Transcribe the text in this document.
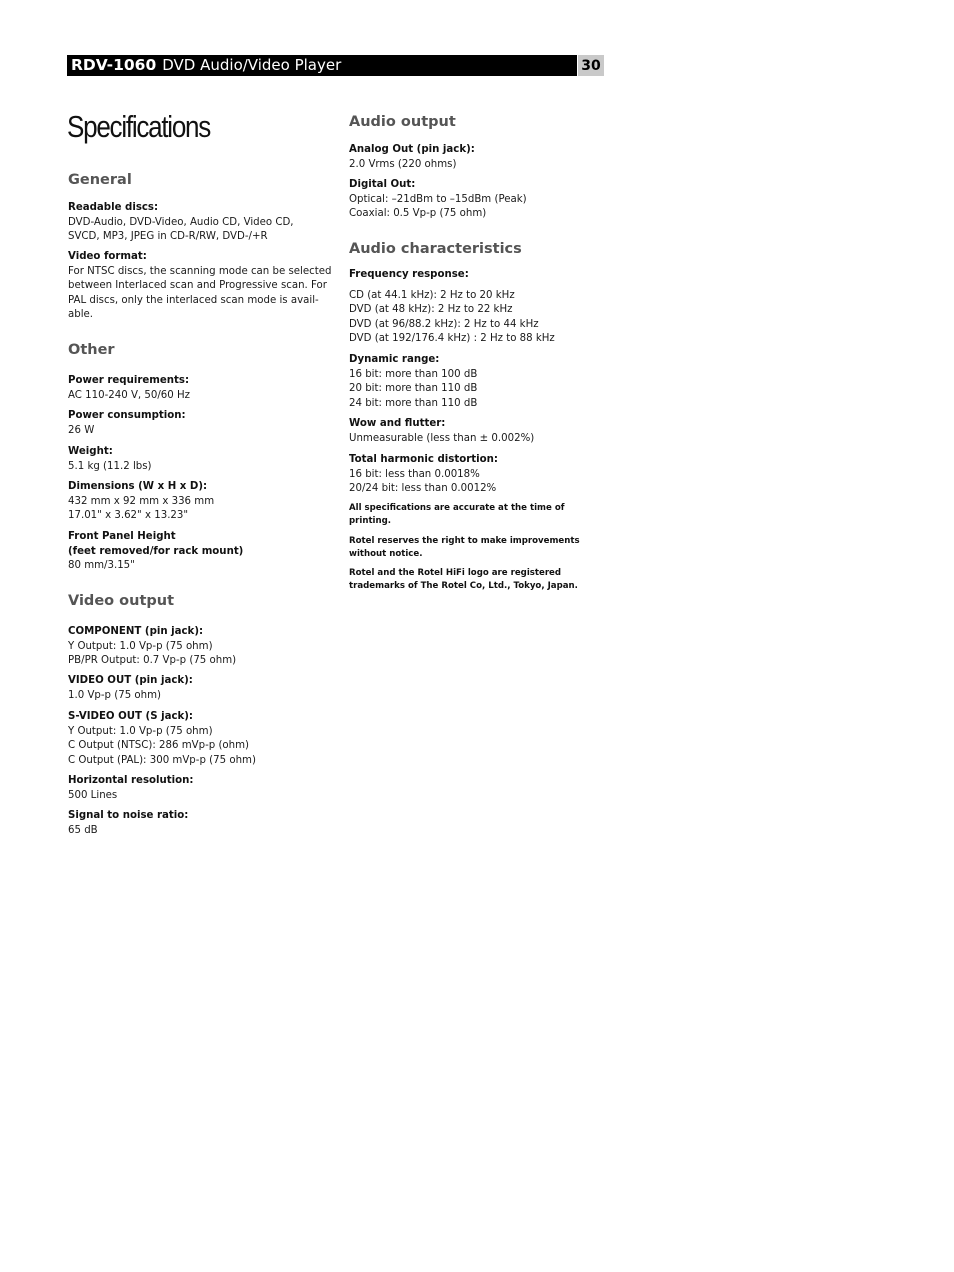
RDV-1060 DVD Audio/Video Player	30
Specifications
General
Readable discs:
DVD-Audio, DVD-Video, Audio CD, Video CD,
SVCD, MP3, JPEG in CD-R/RW, DVD-/+R
Video format:
For NTSC discs, the scanning mode can be selected
between Interlaced scan and Progressive scan. For
PAL discs, only the interlaced scan mode is avail-
able.
Other
Power requirements:
AC 110-240 V, 50/60 Hz
Power consumption:
26 W
Weight:
5.1 kg (11.2 lbs)
Dimensions (W x H x D):
432 mm x 92 mm x 336 mm
17.01" x 3.62" x 13.23"
Front Panel Height
(feet removed/for rack mount)
80 mm/3.15"
Video output
COMPONENT (pin jack):
Y Output: 1.0 Vp-p (75 ohm)
PB/PR Output: 0.7 Vp-p (75 ohm)
VIDEO OUT (pin jack):
1.0 Vp-p (75 ohm)
S-VIDEO OUT (S jack):
Y Output: 1.0 Vp-p (75 ohm)
C Output (NTSC): 286 mVp-p (ohm)
C Output (PAL): 300 mVp-p (75 ohm)
Horizontal resolution:
500 Lines
Signal to noise ratio:
65 dB
Audio output
Analog Out (pin jack):
2.0 Vrms (220 ohms)
Digital Out:
Optical: –21dBm to –15dBm (Peak)
Coaxial: 0.5 Vp-p (75 ohm)
Audio characteristics
Frequency response:
CD (at 44.1 kHz): 2 Hz to 20 kHz
DVD (at 48 kHz): 2 Hz to 22 kHz
DVD (at 96/88.2 kHz): 2 Hz to 44 kHz
DVD (at 192/176.4 kHz) : 2 Hz to 88 kHz
Dynamic range:
16 bit: more than 100 dB
20 bit: more than 110 dB
24 bit: more than 110 dB
Wow and flutter:
Unmeasurable (less than ± 0.002%)
Total harmonic distortion:
16 bit: less than 0.0018%
20/24 bit: less than 0.0012%
All specifications are accurate at the time of
printing.
Rotel reserves the right to make improvements
without notice.
Rotel and the Rotel HiFi logo are registered
trademarks of The Rotel Co, Ltd., Tokyo, Japan.
